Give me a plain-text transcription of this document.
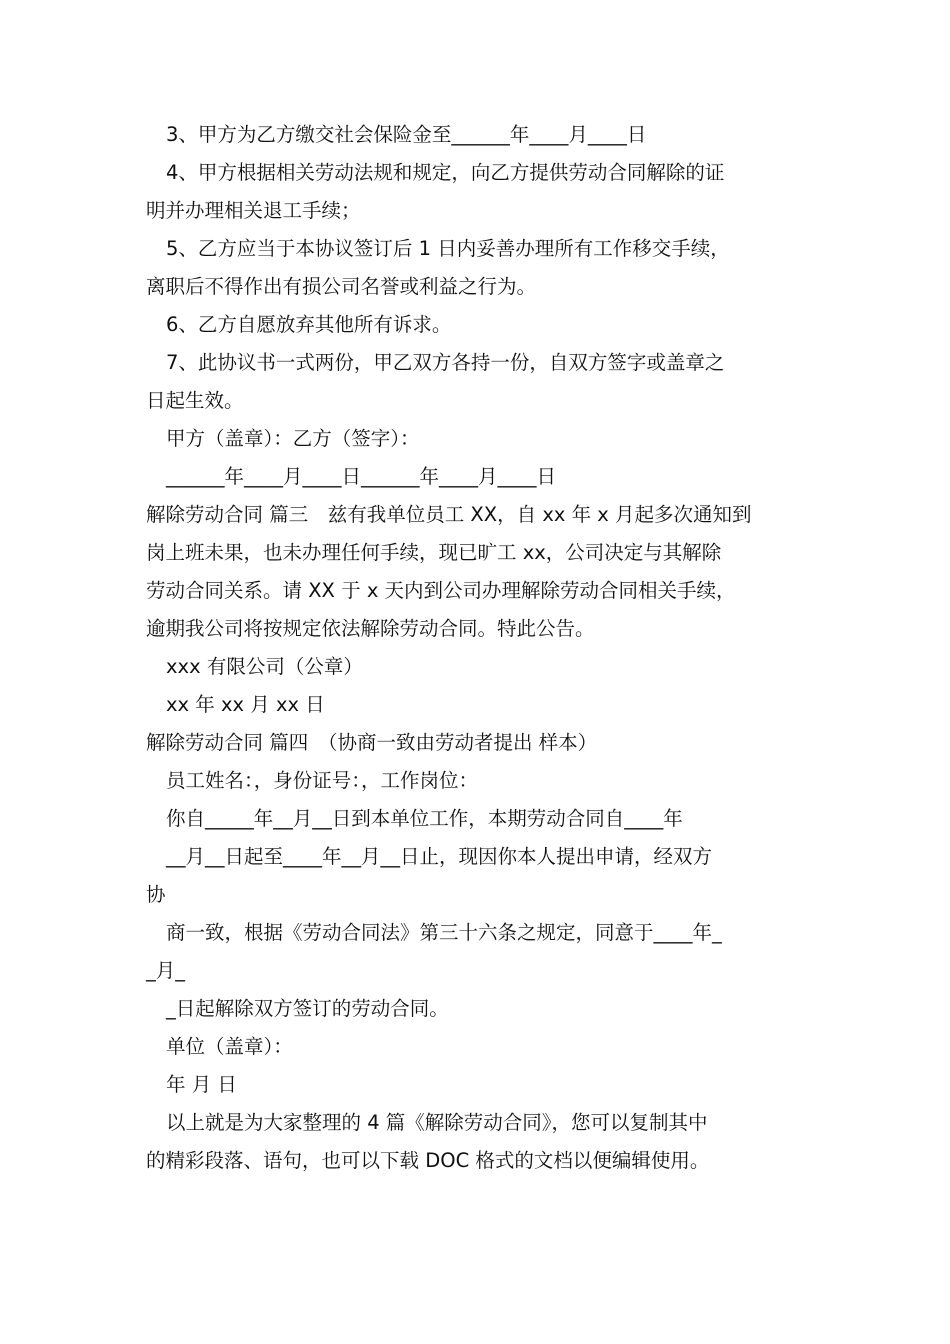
3、甲方为乙方缴交社会保险金至______年____月____日
4、甲方根据相关劳动法规和规定，向乙方提供劳动合同解除的证
明并办理相关退工手续；
5、乙方应当于本协议签订后 1 日内妥善办理所有工作移交手续，
离职后不得作出有损公司名誉或利益之行为。
6、乙方自愿放弃其他所有诉求。
7、此协议书一式两份，甲乙双方各持一份，自双方签字或盖章之
日起生效。
甲方（盖章）：乙方（签字）：
______年____月____日______年____月____日
解除劳动合同 篇三　兹有我单位员工 XX，自 xx 年 x 月起多次通知到
岗上班未果，也未办理任何手续，现已旷工 xx，公司决定与其解除
劳动合同关系。请 XX 于 x 天内到公司办理解除劳动合同相关手续，
逾期我公司将按规定依法解除劳动合同。特此公告。
xxx 有限公司（公章）
xx 年 xx 月 xx 日
解除劳动合同 篇四　（协商一致由劳动者提出 样本）
员工姓名：，身份证号：，工作岗位：
你自_____年__月__日到本单位工作，本期劳动合同自____年
__月__日起至____年__月__日止，现因你本人提出申请，经双方
协
商一致，根据《劳动合同法》第三十六条之规定，同意于____年_
_月_
_日起解除双方签订的劳动合同。
单位（盖章）：
年 月 日
以上就是为大家整理的 4 篇《解除劳动合同》，您可以复制其中
的精彩段落、语句，也可以下载 DOC 格式的文档以便编辑使用。
